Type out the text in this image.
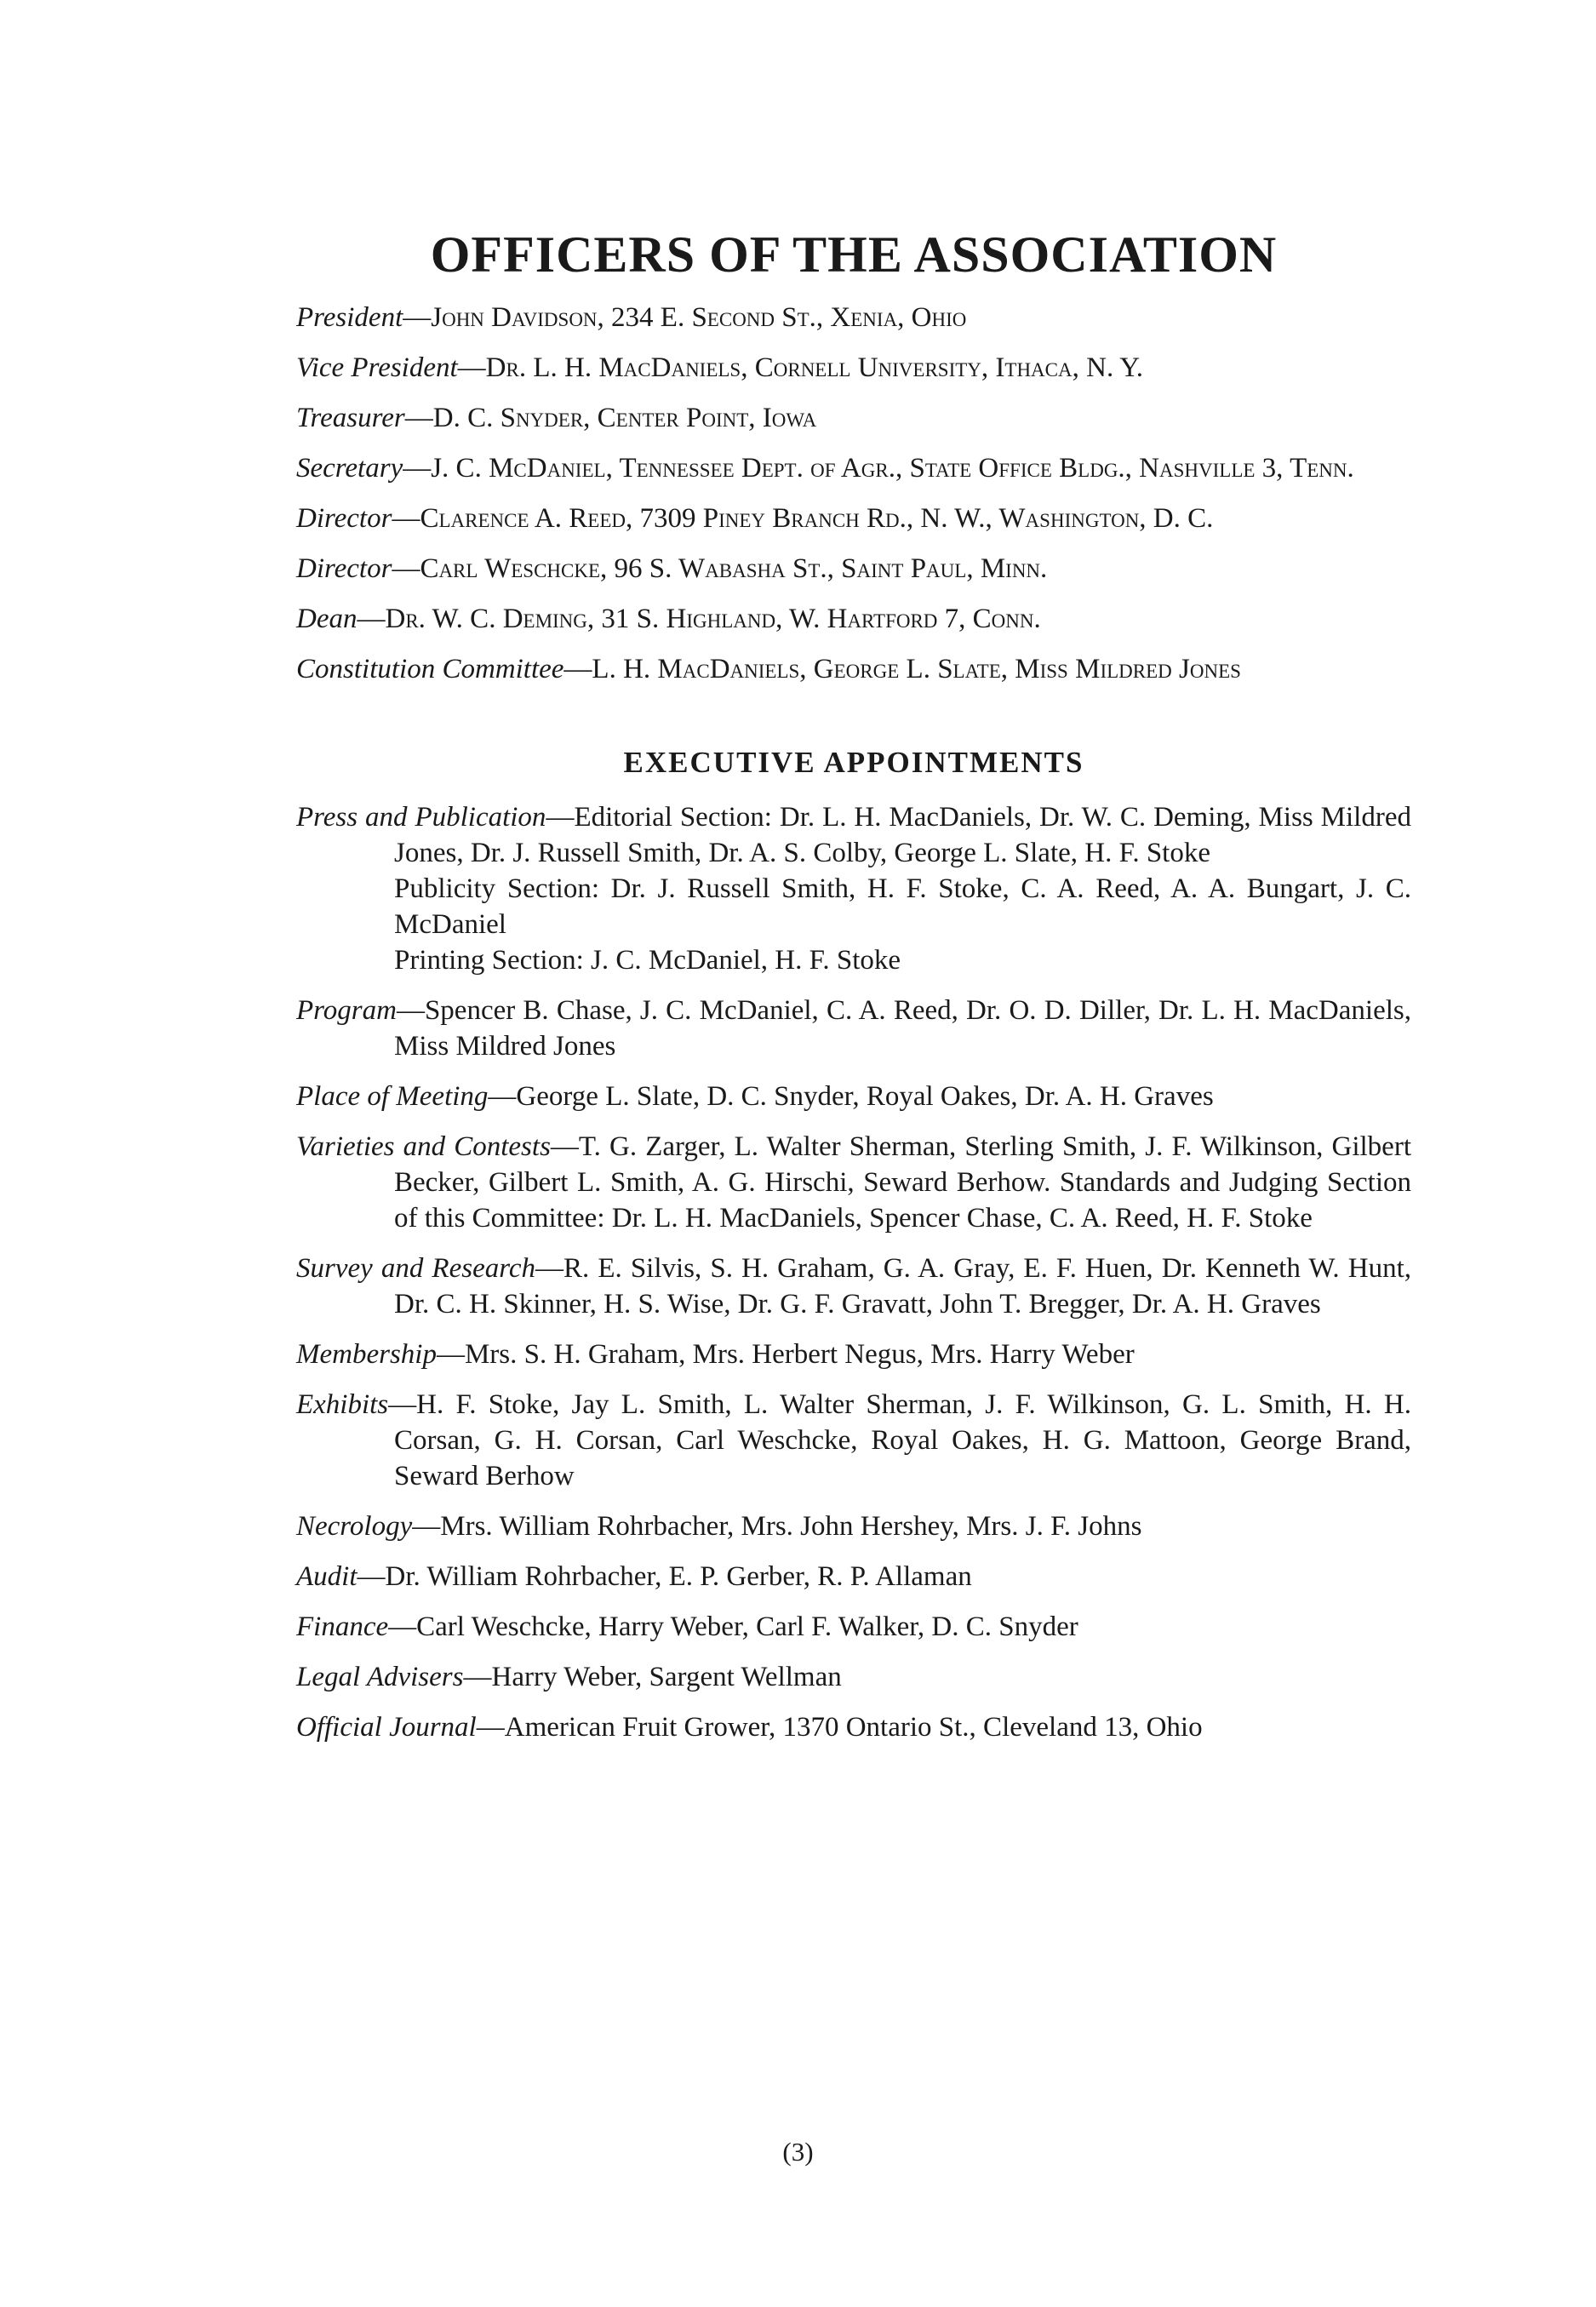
OFFICERS OF THE ASSOCIATION

President—John Davidson, 234 E. Second St., Xenia, Ohio

Vice President—Dr. L. H. MacDaniels, Cornell University, Ithaca, N. Y.

Treasurer—D. C. Snyder, Center Point, Iowa

Secretary—J. C. McDaniel, Tennessee Dept. of Agr., State Office Bldg., Nashville 3, Tenn.

Director—Clarence A. Reed, 7309 Piney Branch Rd., N. W., Washington, D. C.

Director—Carl Weschcke, 96 S. Wabasha St., Saint Paul, Minn.

Dean—Dr. W. C. Deming, 31 S. Highland, W. Hartford 7, Conn.

Constitution Committee—L. H. MacDaniels, George L. Slate, Miss Mildred Jones

EXECUTIVE APPOINTMENTS

Press and Publication—Editorial Section: Dr. L. H. MacDaniels, Dr. W. C. Deming, Miss Mildred Jones, Dr. J. Russell Smith, Dr. A. S. Colby, George L. Slate, H. F. Stoke
Publicity Section: Dr. J. Russell Smith, H. F. Stoke, C. A. Reed, A. A. Bungart, J. C. McDaniel
Printing Section: J. C. McDaniel, H. F. Stoke

Program—Spencer B. Chase, J. C. McDaniel, C. A. Reed, Dr. O. D. Diller, Dr. L. H. MacDaniels, Miss Mildred Jones

Place of Meeting—George L. Slate, D. C. Snyder, Royal Oakes, Dr. A. H. Graves

Varieties and Contests—T. G. Zarger, L. Walter Sherman, Sterling Smith, J. F. Wilkinson, Gilbert Becker, Gilbert L. Smith, A. G. Hirschi, Seward Berhow. Standards and Judging Section of this Committee: Dr. L. H. MacDaniels, Spencer Chase, C. A. Reed, H. F. Stoke

Survey and Research—R. E. Silvis, S. H. Graham, G. A. Gray, E. F. Huen, Dr. Kenneth W. Hunt, Dr. C. H. Skinner, H. S. Wise, Dr. G. F. Gravatt, John T. Bregger, Dr. A. H. Graves

Membership—Mrs. S. H. Graham, Mrs. Herbert Negus, Mrs. Harry Weber

Exhibits—H. F. Stoke, Jay L. Smith, L. Walter Sherman, J. F. Wilkinson, G. L. Smith, H. H. Corsan, G. H. Corsan, Carl Weschcke, Royal Oakes, H. G. Mattoon, George Brand, Seward Berhow

Necrology—Mrs. William Rohrbacher, Mrs. John Hershey, Mrs. J. F. Johns

Audit—Dr. William Rohrbacher, E. P. Gerber, R. P. Allaman

Finance—Carl Weschcke, Harry Weber, Carl F. Walker, D. C. Snyder

Legal Advisers—Harry Weber, Sargent Wellman

Official Journal—American Fruit Grower, 1370 Ontario St., Cleveland 13, Ohio

(3)
